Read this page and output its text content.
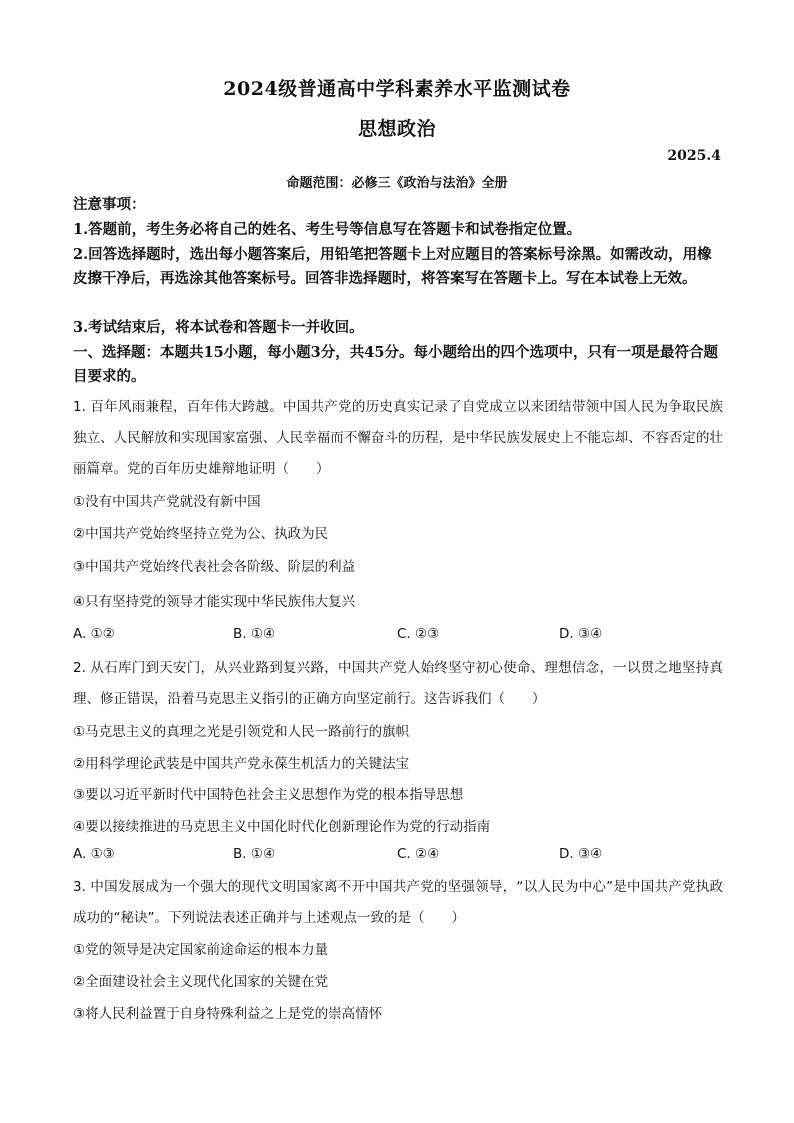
2024级普通高中学科素养水平监测试卷
思想政治
2025.4
命题范围：必修三《政治与法治》全册
注意事项：
1.答题前，考生务必将自己的姓名、考生号等信息写在答题卡和试卷指定位置。
2.回答选择题时，选出每小题答案后，用铅笔把答题卡上对应题目的答案标号涂黑。如需改动，用橡皮擦干净后，再选涂其他答案标号。回答非选择题时，将答案写在答题卡上。写在本试卷上无效。
3.考试结束后，将本试卷和答题卡一并收回。
一、选择题：本题共15小题，每小题3分，共45分。每小题给出的四个选项中，只有一项是最符合题目要求的。
1. 百年风雨兼程，百年伟大跨越。中国共产党的历史真实记录了自党成立以来团结带领中国人民为争取民族独立、人民解放和实现国家富强、人民幸福而不懈奋斗的历程，是中华民族发展史上不能忘却、不容否定的壮丽篇章。党的百年历史雄辩地证明（　　）
①没有中国共产党就没有新中国
②中国共产党始终坚持立党为公、执政为民
③中国共产党始终代表社会各阶级、阶层的利益
④只有坚持党的领导才能实现中华民族伟大复兴
A. ①②	B. ①④	C. ②③	D. ③④
2. 从石库门到天安门，从兴业路到复兴路，中国共产党人始终坚守初心使命、理想信念，一以贯之地坚持真理、修正错误，沿着马克思主义指引的正确方向坚定前行。这告诉我们（　　）
①马克思主义的真理之光是引领党和人民一路前行的旗帜
②用科学理论武装是中国共产党永葆生机活力的关键法宝
③要以习近平新时代中国特色社会主义思想作为党的根本指导思想
④要以接续推进的马克思主义中国化时代化创新理论作为党的行动指南
A. ①③	B. ①④	C. ②④	D. ③④
3. 中国发展成为一个强大的现代文明国家离不开中国共产党的坚强领导，“以人民为中心”是中国共产党执政成功的“秘诀”。下列说法表述正确并与上述观点一致的是（　　）
①党的领导是决定国家前途命运的根本力量
②全面建设社会主义现代化国家的关键在党
③将人民利益置于自身特殊利益之上是党的崇高情怀
